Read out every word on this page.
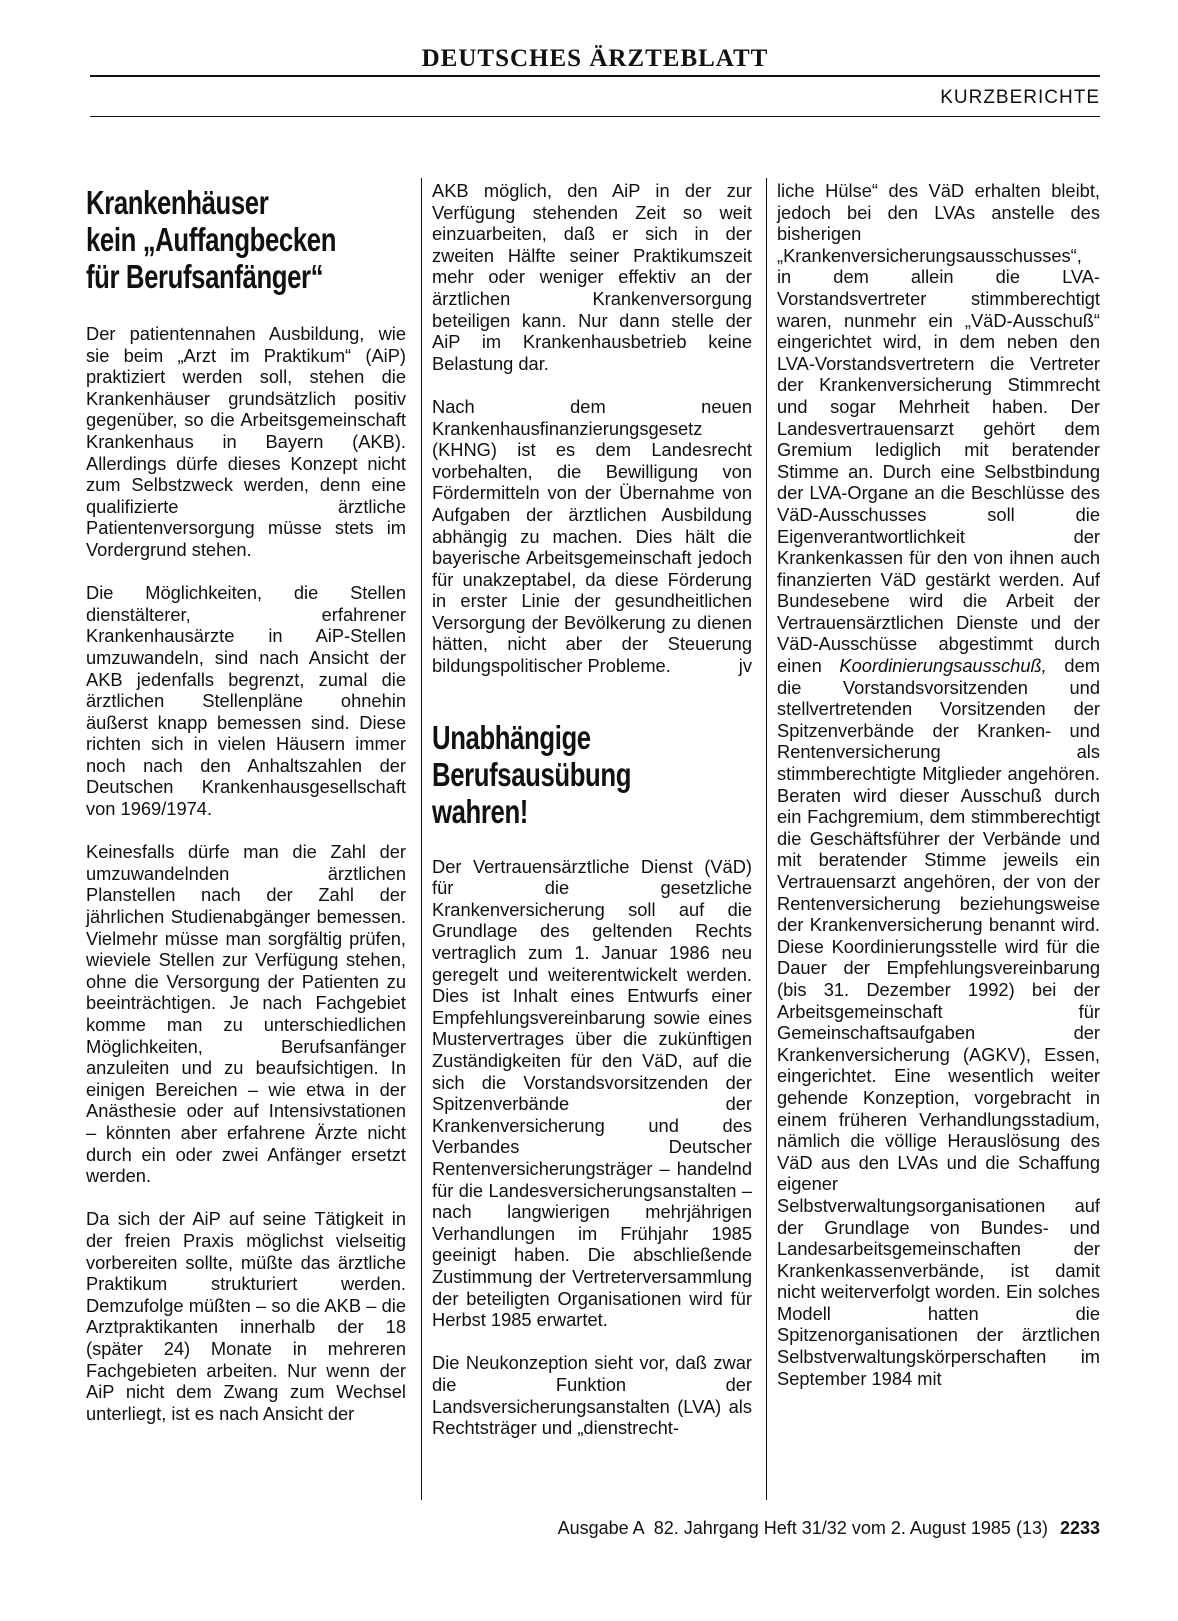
DEUTSCHES ÄRZTEBLATT
KURZBERICHTE
Krankenhäuser
kein „Auffangbecken
für Berufsanfänger“

Der patientennahen Ausbildung, wie sie beim „Arzt im Praktikum“ (AiP) praktiziert werden soll, stehen die Krankenhäuser grundsätzlich positiv gegenüber, so die Arbeitsgemeinschaft Krankenhaus in Bayern (AKB). Allerdings dürfe dieses Konzept nicht zum Selbstzweck werden, denn eine qualifizierte ärztliche Patientenversorgung müsse stets im Vordergrund stehen.

Die Möglichkeiten, die Stellen dienstälterer, erfahrener Krankenhausärzte in AiP-Stellen umzuwandeln, sind nach Ansicht der AKB jedenfalls begrenzt, zumal die ärztlichen Stellenpläne ohnehin äußerst knapp bemessen sind. Diese richten sich in vielen Häusern immer noch nach den Anhaltszahlen der Deutschen Krankenhausgesellschaft von 1969/1974.

Keinesfalls dürfe man die Zahl der umzuwandelnden ärztlichen Planstellen nach der Zahl der jährlichen Studienabgänger bemessen. Vielmehr müsse man sorgfältig prüfen, wieviele Stellen zur Verfügung stehen, ohne die Versorgung der Patienten zu beeinträchtigen. Je nach Fachgebiet komme man zu unterschiedlichen Möglichkeiten, Berufsanfänger anzuleiten und zu beaufsichtigen. In einigen Bereichen – wie etwa in der Anästhesie oder auf Intensivstationen – könnten aber erfahrene Ärzte nicht durch ein oder zwei Anfänger ersetzt werden.

Da sich der AiP auf seine Tätigkeit in der freien Praxis möglichst vielseitig vorbereiten sollte, müßte das ärztliche Praktikum strukturiert werden. Demzufolge müßten – so die AKB – die Arztpraktikanten innerhalb der 18 (später 24) Monate in mehreren Fachgebieten arbeiten. Nur wenn der AiP nicht dem Zwang zum Wechsel unterliegt, ist es nach Ansicht der

AKB möglich, den AiP in der zur Verfügung stehenden Zeit so weit einzuarbeiten, daß er sich in der zweiten Hälfte seiner Praktikumszeit mehr oder weniger effektiv an der ärztlichen Krankenversorgung beteiligen kann. Nur dann stelle der AiP im Krankenhausbetrieb keine Belastung dar.

Nach dem neuen Krankenhausfinanzierungsgesetz (KHNG) ist es dem Landesrecht vorbehalten, die Bewilligung von Fördermitteln von der Übernahme von Aufgaben der ärztlichen Ausbildung abhängig zu machen. Dies hält die bayerische Arbeitsgemeinschaft jedoch für unakzeptabel, da diese Förderung in erster Linie der gesundheitlichen Versorgung der Bevölkerung zu dienen hätten, nicht aber der Steuerung bildungspolitischer Probleme.	jv

Unabhängige
Berufsausübung
wahren!

Der Vertrauensärztliche Dienst (VäD) für die gesetzliche Krankenversicherung soll auf die Grundlage des geltenden Rechts vertraglich zum 1. Januar 1986 neu geregelt und weiterentwickelt werden. Dies ist Inhalt eines Entwurfs einer Empfehlungsvereinbarung sowie eines Mustervertrages über die zukünftigen Zuständigkeiten für den VäD, auf die sich die Vorstandsvorsitzenden der Spitzenverbände der Krankenversicherung und des Verbandes Deutscher Rentenversicherungsträger – handelnd für die Landesversicherungsanstalten – nach langwierigen mehrjährigen Verhandlungen im Frühjahr 1985 geeinigt haben. Die abschließende Zustimmung der Vertreterversammlung der beteiligten Organisationen wird für Herbst 1985 erwartet.

Die Neukonzeption sieht vor, daß zwar die Funktion der Landsversicherungsanstalten (LVA) als Rechtsträger und „dienstrecht-

liche Hülse“ des VäD erhalten bleibt, jedoch bei den LVAs anstelle des bisherigen „Krankenversicherungsausschusses“, in dem allein die LVA-Vorstandsvertreter stimmberechtigt waren, nunmehr ein „VäD-Ausschuß“ eingerichtet wird, in dem neben den LVA-Vorstandsvertretern die Vertreter der Krankenversicherung Stimmrecht und sogar Mehrheit haben. Der Landesvertrauensarzt gehört dem Gremium lediglich mit beratender Stimme an. Durch eine Selbstbindung der LVA-Organe an die Beschlüsse des VäD-Ausschusses soll die Eigenverantwortlichkeit der Krankenkassen für den von ihnen auch finanzierten VäD gestärkt werden. Auf Bundesebene wird die Arbeit der Vertrauensärztlichen Dienste und der VäD-Ausschüsse abgestimmt durch einen Koordinierungsausschuß, dem die Vorstandsvorsitzenden und stellvertretenden Vorsitzenden der Spitzenverbände der Kranken- und Rentenversicherung als stimmberechtigte Mitglieder angehören. Beraten wird dieser Ausschuß durch ein Fachgremium, dem stimmberechtigt die Geschäftsführer der Verbände und mit beratender Stimme jeweils ein Vertrauensarzt angehören, der von der Rentenversicherung beziehungsweise der Krankenversicherung benannt wird. Diese Koordinierungsstelle wird für die Dauer der Empfehlungsvereinbarung (bis 31. Dezember 1992) bei der Arbeitsgemeinschaft für Gemeinschaftsaufgaben der Krankenversicherung (AGKV), Essen, eingerichtet. Eine wesentlich weiter gehende Konzeption, vorgebracht in einem früheren Verhandlungsstadium, nämlich die völlige Herauslösung des VäD aus den LVAs und die Schaffung eigener Selbstverwaltungsorganisationen auf der Grundlage von Bundes- und Landesarbeitsgemeinschaften der Krankenkassenverbände, ist damit nicht weiterverfolgt worden. Ein solches Modell hatten die Spitzenorganisationen der ärztlichen Selbstverwaltungskörperschaften im September 1984 mit

Ausgabe A  82. Jahrgang Heft 31/32 vom 2. August 1985 (13) 2233
